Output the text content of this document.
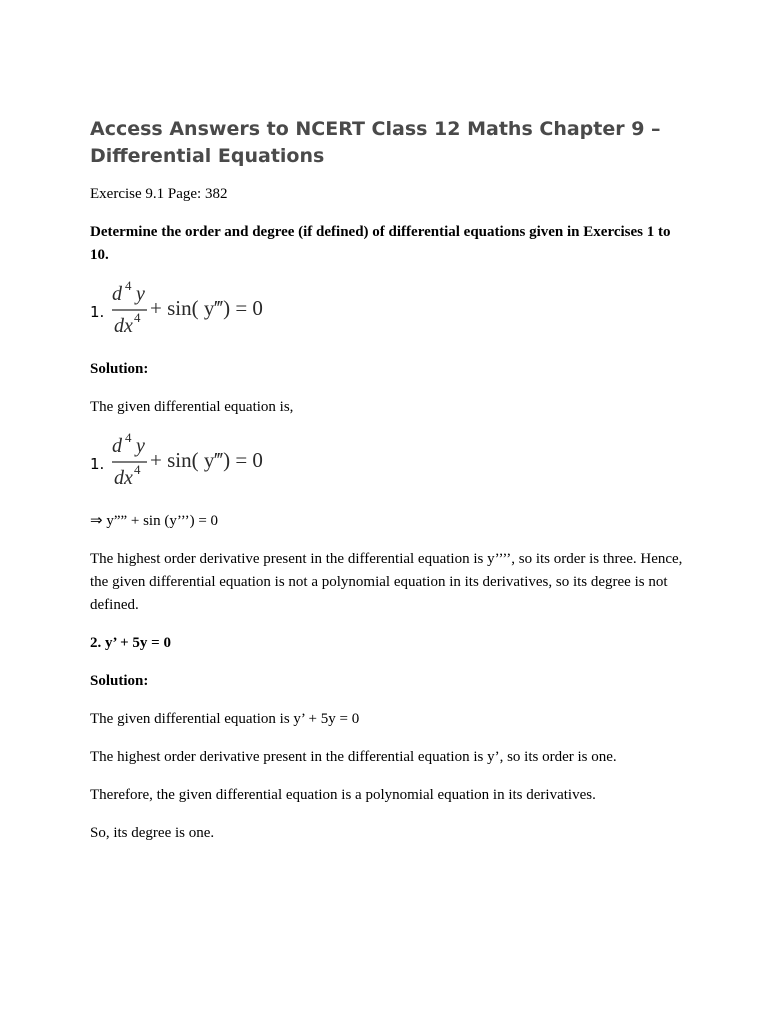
Access Answers to NCERT Class 12 Maths Chapter 9 – Differential Equations

Exercise 9.1 Page: 382

Determine the order and degree (if defined) of differential equations given in Exercises 1 to 10.

1.
d 4 y
dx 4 + sin( y‴) = 0

Solution:

The given differential equation is,

1.
d 4 y
dx 4 + sin( y‴) = 0

⇒ y”” + sin (y’’’) = 0

The highest order derivative present in the differential equation is y’’’’, so its order is three. Hence, the given differential equation is not a polynomial equation in its derivatives, so its degree is not defined.

2. y’ + 5y = 0

Solution:

The given differential equation is y’ + 5y = 0

The highest order derivative present in the differential equation is y’, so its order is one.

Therefore, the given differential equation is a polynomial equation in its derivatives.

So, its degree is one.
